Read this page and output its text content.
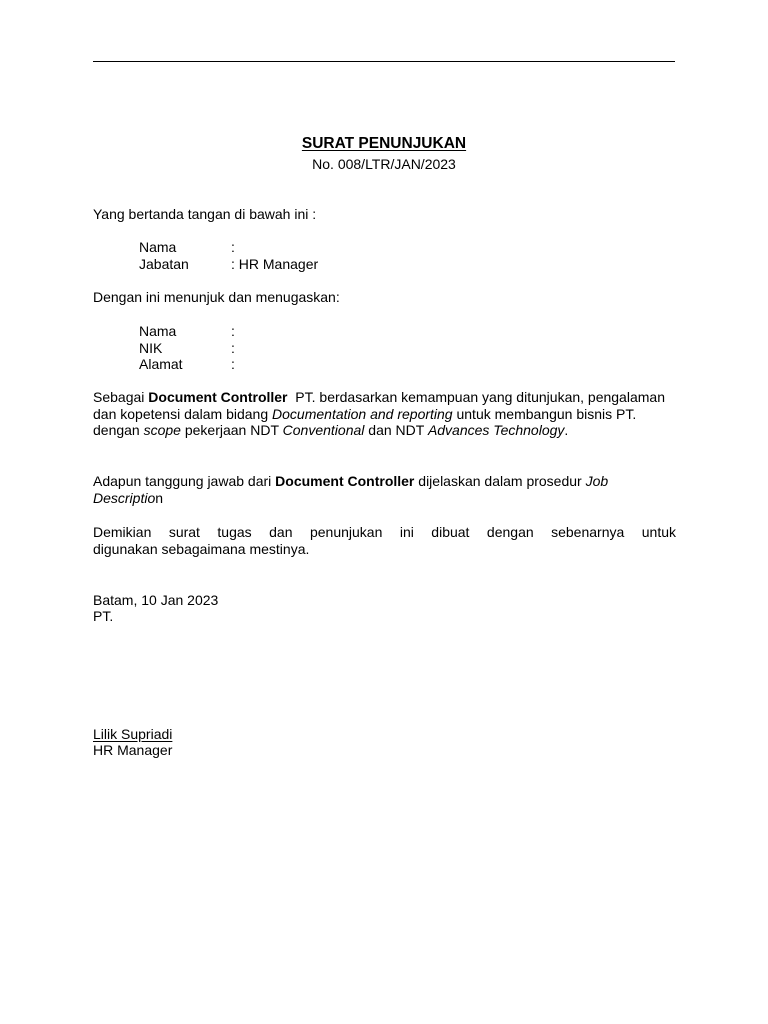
SURAT PENUNJUKAN
No. 008/LTR/JAN/2023
Yang bertanda tangan di bawah ini :
Nama	:
Jabatan	: HR Manager
Dengan ini menunjuk dan menugaskan:
Nama	:
NIK	:
Alamat	:
Sebagai Document Controller  PT. berdasarkan kemampuan yang ditunjukan, pengalaman dan kopetensi dalam bidang Documentation and reporting untuk membangun bisnis PT. dengan scope pekerjaan NDT Conventional dan NDT Advances Technology.
Adapun tanggung jawab dari Document Controller dijelaskan dalam prosedur Job Description
Demikian surat tugas dan penunjukan ini dibuat dengan sebenarnya untuk
digunakan sebagaimana mestinya.
Batam, 10 Jan 2023
PT.
Lilik Supriadi
HR Manager
